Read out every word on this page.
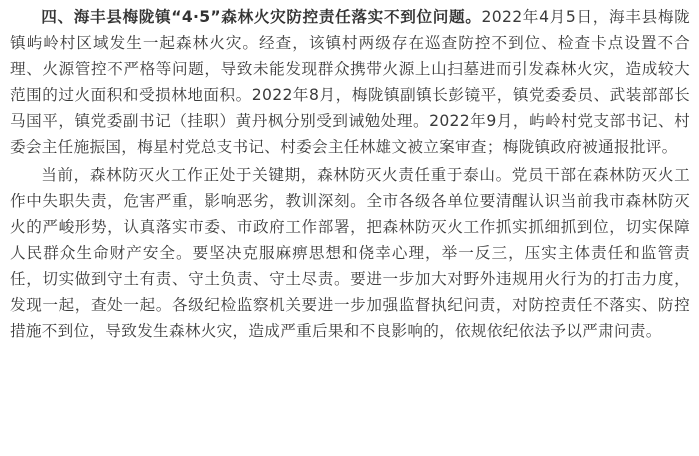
四、海丰县梅陇镇“4·5”森林火灾防控责任落实不到位问题。2022年4月5日，海丰县梅陇镇屿岭村区域发生一起森林火灾。经查，该镇村两级存在巡查防控不到位、检查卡点设置不合理、火源管控不严格等问题，导致未能发现群众携带火源上山扫墓进而引发森林火灾，造成较大范围的过火面积和受损林地面积。2022年8月，梅陇镇副镇长彭镜平，镇党委委员、武装部部长马国平，镇党委副书记（挂职）黄丹枫分别受到诫勉处理。2022年9月，屿岭村党支部书记、村委会主任施振国，梅星村党总支书记、村委会主任林雄文被立案审查；梅陇镇政府被通报批评。

当前，森林防灭火工作正处于关键期，森林防灭火责任重于泰山。党员干部在森林防灭火工作中失职失责，危害严重，影响恶劣，教训深刻。全市各级各单位要清醒认识当前我市森林防灭火的严峻形势，认真落实市委、市政府工作部署，把森林防灭火工作抓实抓细抓到位，切实保障人民群众生命财产安全。要坚决克服麻痹思想和侥幸心理，举一反三，压实主体责任和监管责任，切实做到守土有责、守土负责、守土尽责。要进一步加大对野外违规用火行为的打击力度，发现一起，查处一起。各级纪检监察机关要进一步加强监督执纪问责，对防控责任不落实、防控措施不到位，导致发生森林火灾，造成严重后果和不良影响的，依规依纪依法予以严肃问责。
